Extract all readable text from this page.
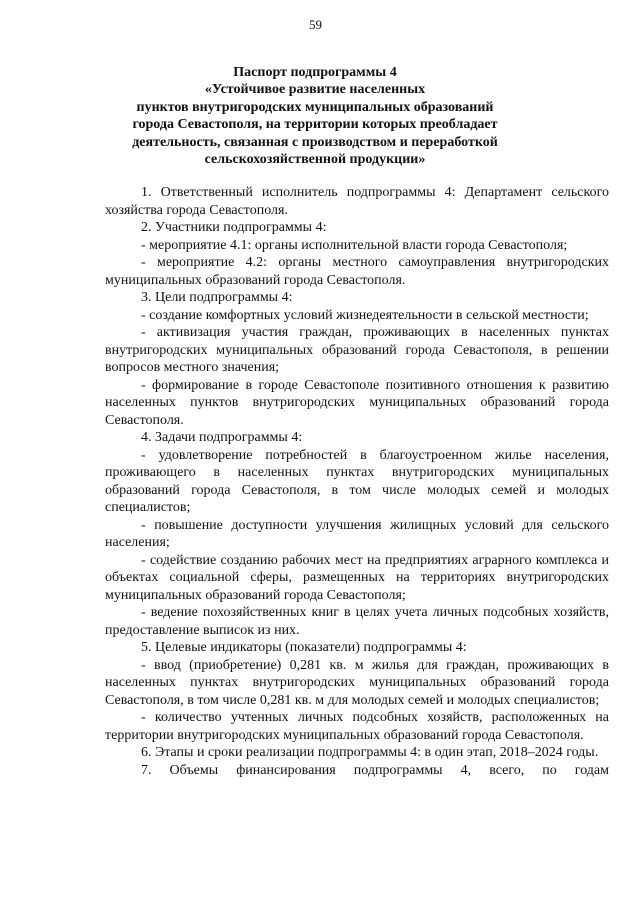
59
Паспорт подпрограммы 4
«Устойчивое развитие населенных
пунктов внутригородских муниципальных образований
города Севастополя, на территории которых преобладает
деятельность, связанная с производством и переработкой
сельскохозяйственной продукции»

1. Ответственный исполнитель подпрограммы 4: Департамент сельского хозяйства города Севастополя.

2. Участники подпрограммы 4:

- мероприятие 4.1: органы исполнительной власти города Севастополя;

- мероприятие 4.2: органы местного самоуправления внутригородских муниципальных образований города Севастополя.

3. Цели подпрограммы 4:

- создание комфортных условий жизнедеятельности в сельской местности;

- активизация участия граждан, проживающих в населенных пунктах внутригородских муниципальных образований города Севастополя, в решении вопросов местного значения;

- формирование в городе Севастополе позитивного отношения к развитию населенных пунктов внутригородских муниципальных образований города Севастополя.

4. Задачи подпрограммы 4:

- удовлетворение потребностей в благоустроенном жилье населения, проживающего в населенных пунктах внутригородских муниципальных образований города Севастополя, в том числе молодых семей и молодых специалистов;

- повышение доступности улучшения жилищных условий для сельского населения;

- содействие созданию рабочих мест на предприятиях аграрного комплекса и объектах социальной сферы, размещенных на территориях внутригородских муниципальных образований города Севастополя;

- ведение похозяйственных книг в целях учета личных подсобных хозяйств, предоставление выписок из них.

5. Целевые индикаторы (показатели) подпрограммы 4:

- ввод (приобретение) 0,281 кв. м жилья для граждан, проживающих в населенных пунктах внутригородских муниципальных образований города Севастополя, в том числе 0,281 кв. м для молодых семей и молодых специалистов;

- количество учтенных личных подсобных хозяйств, расположенных на территории внутригородских муниципальных образований города Севастополя.

6. Этапы и сроки реализации подпрограммы 4: в один этап, 2018–2024 годы.

7. Объемы финансирования подпрограммы 4, всего, по годам
